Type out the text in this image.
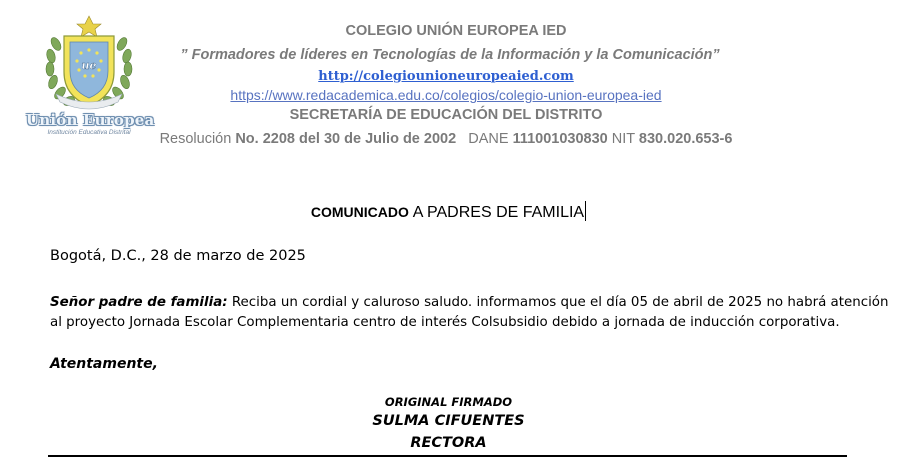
ue
Unión Europea
Institución Educativa Distrital
COLEGIO UNIÓN EUROPEA IED
” Formadores de líderes en Tecnologías de la Información y la Comunicación”
http://colegiounioneuropeaied.com
https://www.redacademica.edu.co/colegios/colegio-union-europea-ied
SECRETARÍA DE EDUCACIÓN DEL DISTRITO
Resolución No. 2208 del 30 de Julio de 2002 DANE 111001030830 NIT 830.020.653-6
COMUNICADO A PADRES DE FAMILIA
Bogotá, D.C., 28 de marzo de 2025
Señor padre de familia: Reciba un cordial y caluroso saludo. informamos que el día 05 de abril de 2025 no habrá atención
al proyecto Jornada Escolar Complementaria centro de interés Colsubsidio debido a jornada de inducción corporativa.
Atentamente,
ORIGINAL FIRMADO
SULMA CIFUENTES
RECTORA
